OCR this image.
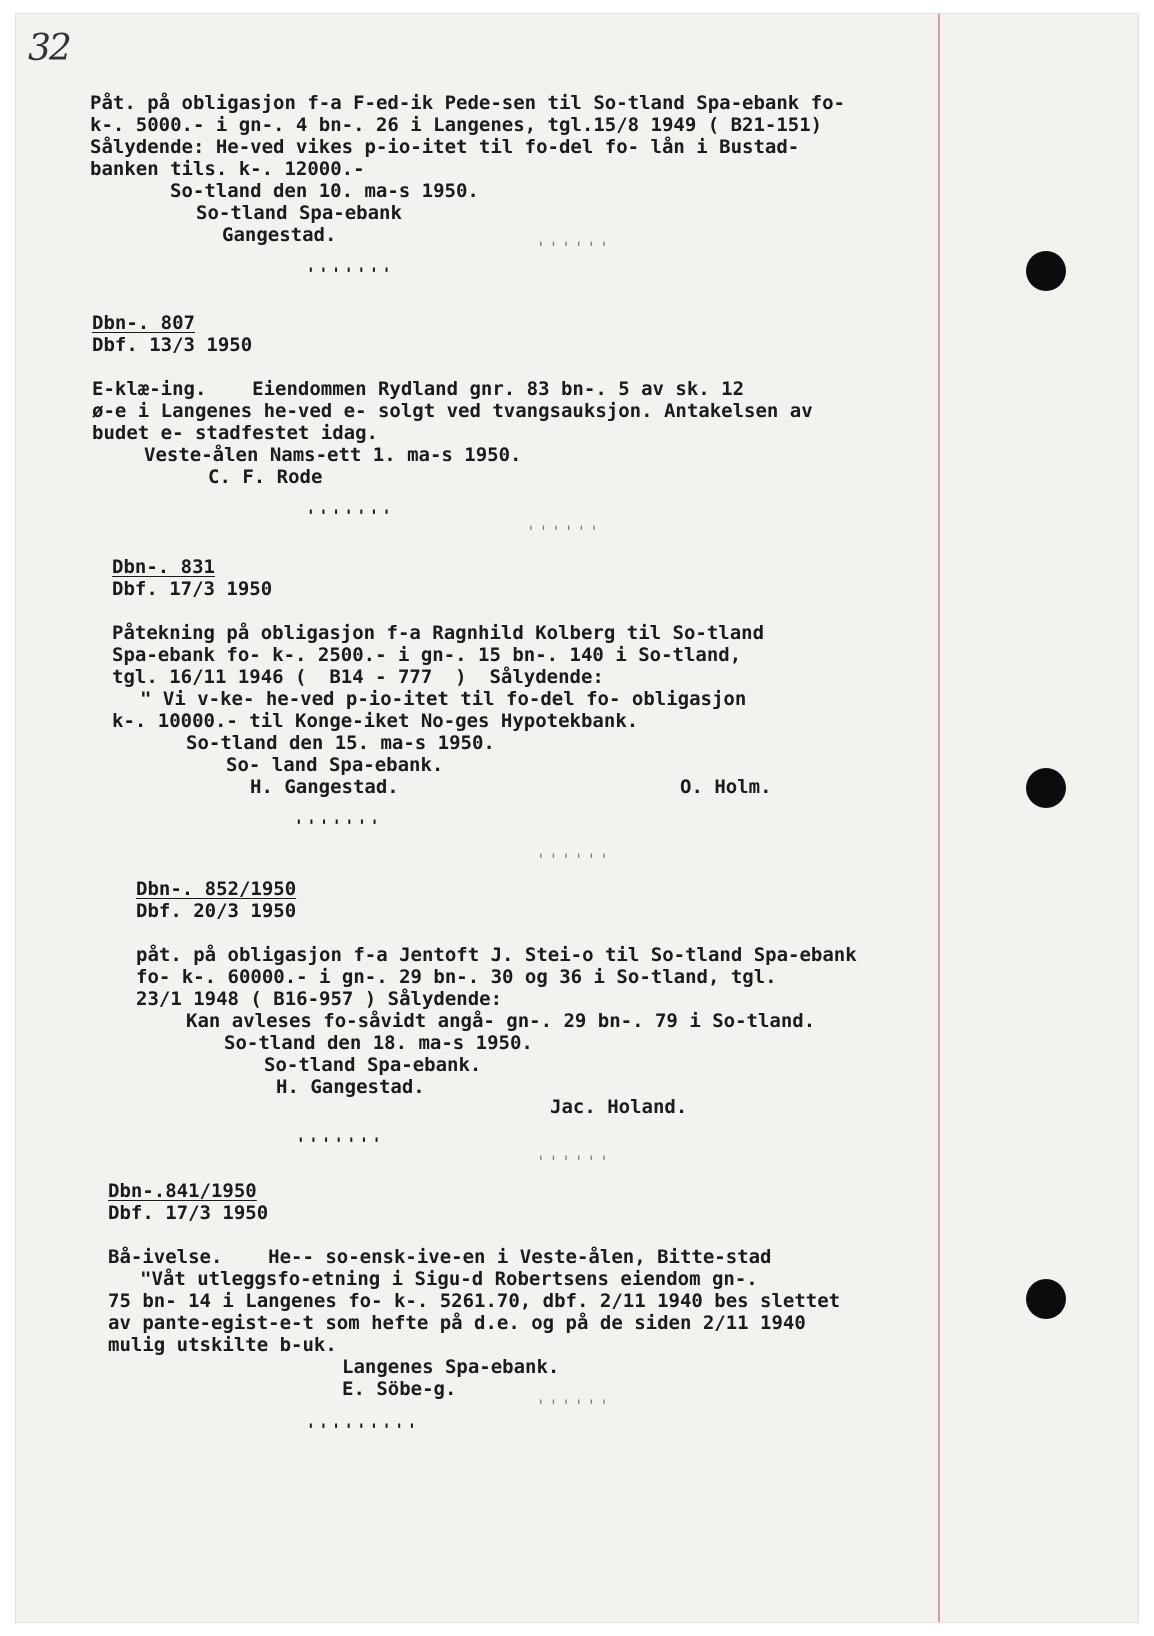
32
​
Påt. på obligasjon f-a F-ed-ik Pede-sen til So-tland Spa-ebank fo-
k-. 5000.- i gn-. 4 bn-. 26 i Langenes, tgl.15/8 1949 ( B21-151)
Sålydende: He-ved vikes p-io-itet til fo-del fo- lån i Bustad-
banken tils. k-. 12000.-
So-tland den 10. ma-s 1950.
So-tland Spa-ebank
Gangestad.
'''''''
''''''
Dbn-. 807
Dbf. 13/3 1950
E-klæ-ing.    Eiendommen Rydland gnr. 83 bn-. 5 av sk. 12
ø-e i Langenes he-ved e- solgt ved tvangsauksjon. Antakelsen av
budet e- stadfestet idag.
Veste-ålen Nams-ett 1. ma-s 1950.
C. F. Rode
'''''''
''''''
Dbn-. 831
Dbf. 17/3 1950
Påtekning på obligasjon f-a Ragnhild Kolberg til So-tland
Spa-ebank fo- k-. 2500.- i gn-. 15 bn-. 140 i So-tland,
tgl. 16/11 1946 (  B14 - 777  )  Sålydende:
" Vi v-ke- he-ved p-io-itet til fo-del fo- obligasjon
k-. 10000.- til Konge-iket No-ges Hypotekbank.
So-tland den 15. ma-s 1950.
So- land Spa-ebank.
H. Gangestad.	O. Holm.
'''''''
''''''
Dbn-. 852/1950
Dbf. 20/3 1950
påt. på obligasjon f-a Jentoft J. Stei-o til So-tland Spa-ebank
fo- k-. 60000.- i gn-. 29 bn-. 30 og 36 i So-tland, tgl.
23/1 1948 ( B16-957 ) Sålydende:
Kan avleses fo-såvidt angå- gn-. 29 bn-. 79 i So-tland.
So-tland den 18. ma-s 1950.
So-tland Spa-ebank.
H. Gangestad.
Jac. Holand.
'''''''
''''''
Dbn-.841/1950
Dbf. 17/3 1950
Bå-ivelse.    He-- so-ensk-ive-en i Veste-ålen, Bitte-stad
"Våt utleggsfo-etning i Sigu-d Robertsens eiendom gn-.
75 bn- 14 i Langenes fo- k-. 5261.70, dbf. 2/11 1940 bes slettet
av pante-egist-e-t som hefte på d.e. og på de siden 2/11 1940
mulig utskilte b-uk.
Langenes Spa-ebank.
E. Söbe-g.
''''''
'''''''''
